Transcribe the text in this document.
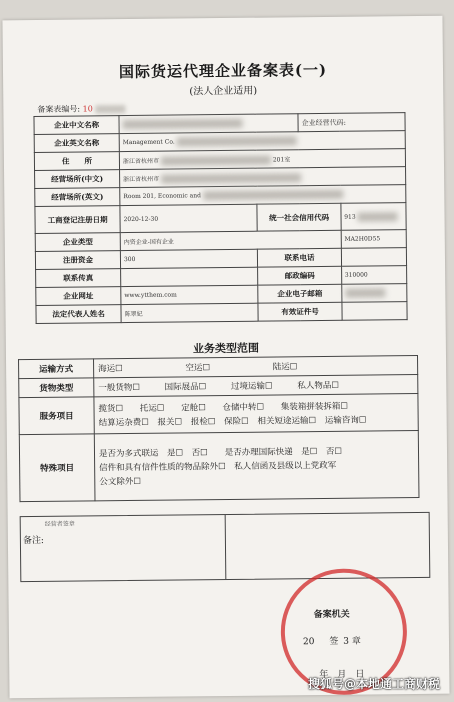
国际货运代理企业备案表(一)
(法人企业适用)
备案表编号: 10
企业中文名称			企业经营代码:	
企业英文名称	Management Co.			
住　　所	浙江省杭州市 201室			
经营场所(中文)	浙江省杭州市			
经营场所(英文)	Room 201, Economic and			
工商登记注册日期	2020-12-30	统一社会信用代码		913
企业类型	内资企业-国有企业			MA2H0D55
注册资金	300	联系电话		
联系传真		邮政编码		310000
企业网址	www.ytthem.com	企业电子邮箱		
法定代表人姓名	陈翠妃	有效证件号		
业务类型范围
运输方式	海运☐ 空运☐ 陆运☐
货物类型	一般货物☐ 国际展品☐ 过境运输☐ 私人物品☐
服务项目	揽货☐ 托运☐ 定舱☐ 仓储中转☐ 集装箱拼装拆箱☐
结算运杂费☐ 报关☐ 报检☐ 保险☐ 相关短途运输☐ 运输咨询☐

特殊项目	是否为多式联运　是☐　否☐　　是否办理国际快递　是☐　否☐
信件和具有信件性质的物品除外☐　私人信函及县级以上党政军
公文除外☐
经营者签章
备注:
备案机关
20 签 3 章
年　月　日
搜狐号@本地通工商财税
